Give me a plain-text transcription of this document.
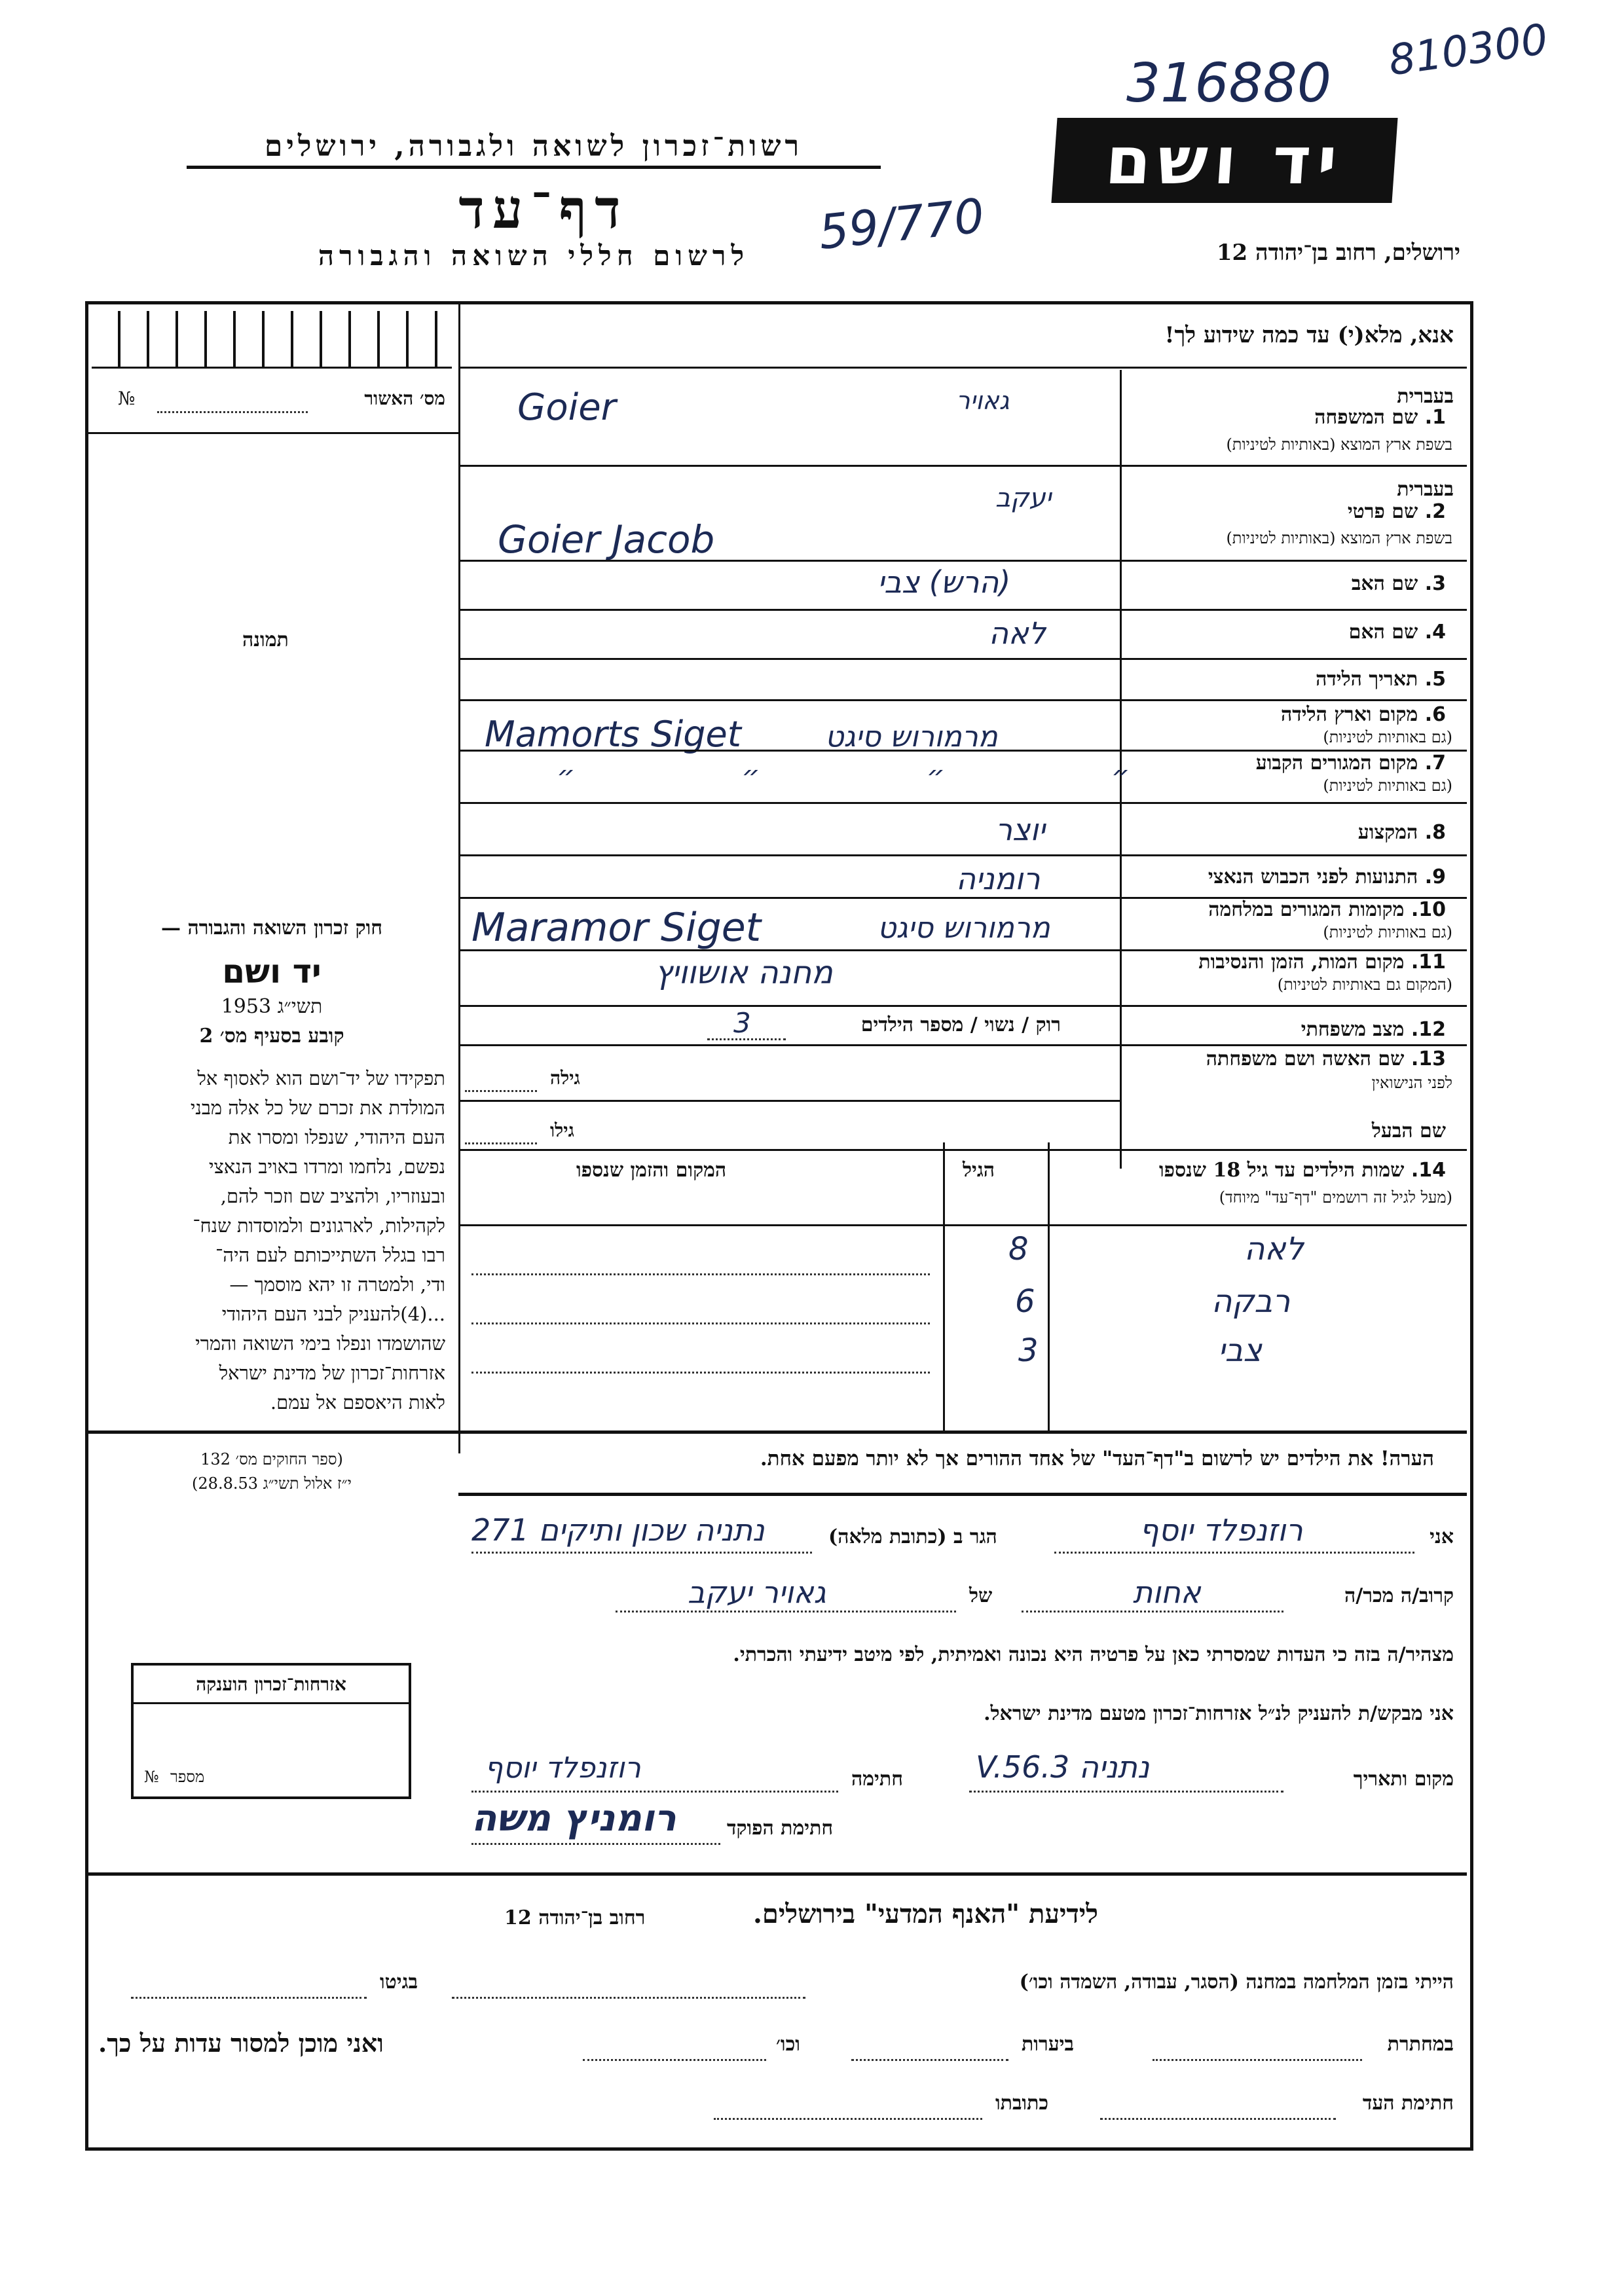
316880 810300
רשות־זכרון לשואה ולגבורה, ירושלים	יד ושם
דף־עד	59/770
לרשום חללי השואה והגבורה	ירושלים, רחוב בן־יהודה 12
אנא, מלא(י) עד כמה שידוע לך!
מס׳ האשור
№
תמונה
בעברית
1. שם המשפחה
בשפת ארץ המוצא (באותיות לטיניות)
Goier	גאויר
בעברית
2. שם פרטי
בשפת ארץ המוצא (באותיות לטיניות)
יעקב
Goier Jacob
3. שם האב
(הרש) צבי
4. שם האם
לאה
5. תאריך הלידה
6. מקום וארץ הלידה
(גם באותיות לטיניות)
Mamorts Siget	מרמורוש סיגט
7. מקום המגורים הקבוע
(גם באותיות לטיניות)
״ ״ ״ ״
8. המקצוע
יוצר
9. התנועות לפני הכבוש הנאצי
רומניה
10. מקומות המגורים במלחמה
(גם באותיות לטיניות)
Maramor Siget	מרמורוש סיגט
11. מקום המות, הזמן והנסיבות
(המקום גם באותיות לטיניות)
מחנה אושוויץ
12. מצב משפחתי
רוק / נשוי / מספר הילדים
3
13. שם האשה ושם משפחתה
לפני הנישואין
גילה
שם הבעל
גילו
14. שמות הילדים עד גיל 18 שנספו
(מעל לגיל זה רושמים "דף־עד" מיוחד)
הגיל
המקום והזמן שנספו
לאה
8
רבקה
6
צבי
3
חוק זכרון השואה והגבורה —
יד ושם
תשי״ג 1953
קובע בסעיף מס׳ 2
תפקידו של יד־ושם הוא לאסוף אל
המולדת את זכרם של כל אלה מבני
העם היהודי, שנפלו ומסרו את
נפשם, נלחמו ומרדו באויב הנאצי
ובעוזריו, ולהציב שם וזכר להם,
לקהילות, לארגונים ולמוסדות שנח־
רבו בגלל השתייכותם לעם היה־
ודי, ולמטרה זו יהא מוסמך —
...(4)להעניק לבני העם היהודי
שהושמדו ונפלו בימי השואה והמרי
אזרחות־זכרון של מדינת ישראל
לאות היאספם אל עמם.
(ספר החוקים מס׳ 132
י״ז אלול תשי״ג 28.8.53)
הערה! את הילדים יש לרשום ב"דף־העד" של אחד ההורים אך לא יותר מפעם אחת.
אני
רוזנפלד יוסף
הגר ב (כתובת מלאה)
נתניה שכון ותיקים 271
קרוב/ה מכר/ה
אחות
של
גאויר יעקב
מצהיר/ה בזה כי העדות שמסרתי כאן על פרטיה היא נכונה ואמיתית, לפי מיטב ידיעתי והכרתי.
אני מבקש/ת להעניק לנ״ל אזרחות־זכרון מטעם מדינת ישראל.
מקום ותאריך
נתניה 3.V.56
חתימה
רוזנפלד יוסף
חתימת הפוקד
רומניץ משה
אזרחות־זכרון הוענקה
מספר
№
לידיעת "האנף המדעי" בירושלים.
רחוב בן־יהודה 12
הייתי בזמן המלחמה במחנה (הסגר, עבודה, השמדה וכו׳)
בגיטו
במחתרת
ביערות
וכו׳
ואני מוכן למסור עדות על כך.
חתימת העד
כתובתו
